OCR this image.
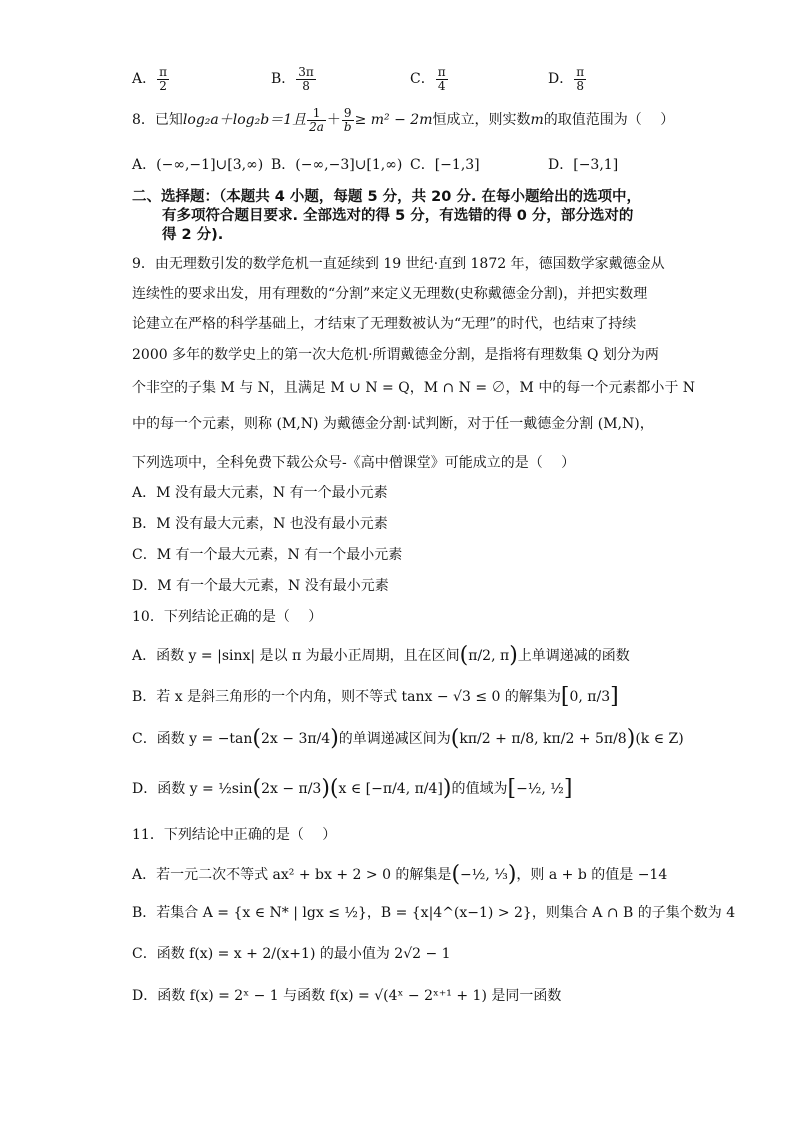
A． $\frac{\pi}{2}$	B． $\frac{3\pi}{8}$	C． $\frac{\pi}{4}$	D． $\frac{\pi}{8}$
8．已知log₂a＋log₂b＝1且 $\frac{1}{2a} + \frac{9}{b} \ge m^2 - 2m$恒成立，则实数m的取值范围为（　 ）
A．(−∞,−1]∪[3,∞) B．(−∞,−3]∪[1,∞) C．[−1,3]	D．[−3,1]
二、选择题：（本题共 4 小题，每题 5 分，共 20 分. 在每小题给出的选项中，
有多项符合题目要求. 全部选对的得 5 分，有选错的得 0 分，部分选对的
得 2 分).
9．由无理数引发的数学危机一直延续到 19 世纪·直到 1872 年，德国数学家戴德金从
连续性的要求出发，用有理数的“分割”来定义无理数(史称戴德金分割)，并把实数理
论建立在严格的科学基础上，才结束了无理数被认为“无理”的时代，也结束了持续
2000 多年的数学史上的第一次大危机·所谓戴德金分割，是指将有理数集 Q 划分为两
个非空的子集 M 与 N，且满足 M ∪ N = Q，M ∩ N = ∅，M 中的每一个元素都小于 N
中的每一个元素，则称 (M,N) 为戴德金分割·试判断，对于任一戴德金分割 (M,N)，
下列选项中，全科免费下载公众号-《高中僧课堂》可能成立的是（　 ）
A．M 没有最大元素，N 有一个最小元素
B．M 没有最大元素，N 也没有最小元素
C．M 有一个最大元素，N 有一个最小元素
D．M 有一个最大元素，N 没有最小元素
10．下列结论正确的是（　 ）
A．函数 y = |sinx| 是以 π 为最小正周期，且在区间(π/2, π)上单调递减的函数
B．若 x 是斜三角形的一个内角，则不等式 tanx − √3 ≤ 0 的解集为[0, π/3]
C．函数 y = −tan(2x − 3π/4)的单调递减区间为(kπ/2 + π/8, kπ/2 + 5π/8)(k ∈ Z)
D．函数 y = ½sin(2x − π/3)(x ∈ [−π/4, π/4])的值域为[−½, ½]
11．下列结论中正确的是（　 ）
A．若一元二次不等式 ax² + bx + 2 > 0 的解集是(−½, ⅓)，则 a + b 的值是 −14
B．若集合 A = {x ∈ N* | lgx ≤ ½}，B = {x|4^(x−1) > 2}，则集合 A ∩ B 的子集个数为 4
C．函数 f(x) = x + 2/(x+1) 的最小值为 2√2 − 1
D．函数 f(x) = 2ˣ − 1 与函数 f(x) = √(4ˣ − 2ˣ⁺¹ + 1) 是同一函数
